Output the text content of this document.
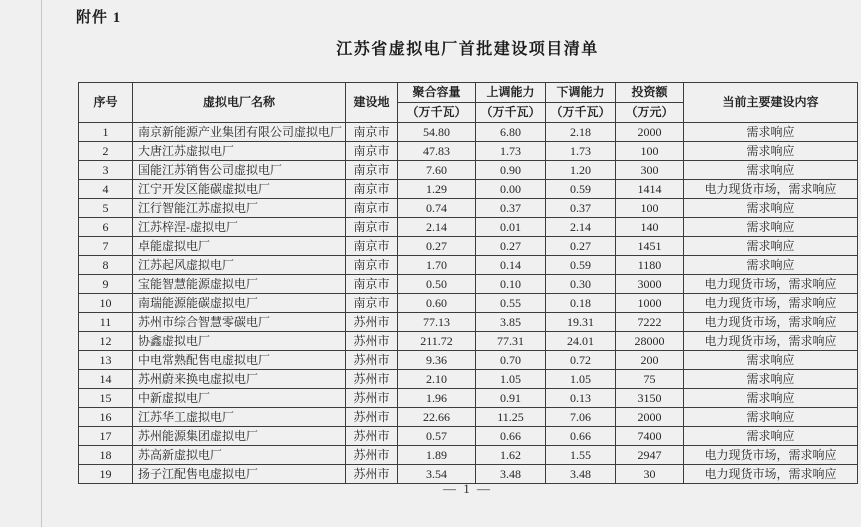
附件 1
江苏省虚拟电厂首批建设项目清单
序号	虚拟电厂名称	建设地	聚合容量	上调能力	下调能力	投资额	当前主要建设内容
			（万千瓦）	（万千瓦）	（万千瓦）	（万元）	
1	南京新能源产业集团有限公司虚拟电厂	南京市	54.80	6.80	2.18	2000	需求响应
2	大唐江苏虚拟电厂	南京市	47.83	1.73	1.73	100	需求响应
3	国能江苏销售公司虚拟电厂	南京市	7.60	0.90	1.20	300	需求响应
4	江宁开发区能碳虚拟电厂	南京市	1.29	0.00	0.59	1414	电力现货市场，需求响应
5	江行智能江苏虚拟电厂	南京市	0.74	0.37	0.37	100	需求响应
6	江苏梓涅-虚拟电厂	南京市	2.14	0.01	2.14	140	需求响应
7	卓能虚拟电厂	南京市	0.27	0.27	0.27	1451	需求响应
8	江苏起风虚拟电厂	南京市	1.70	0.14	0.59	1180	需求响应
9	宝能智慧能源虚拟电厂	南京市	0.50	0.10	0.30	3000	电力现货市场，需求响应
10	南瑞能源能碳虚拟电厂	南京市	0.60	0.55	0.18	1000	电力现货市场，需求响应
11	苏州市综合智慧零碳电厂	苏州市	77.13	3.85	19.31	7222	电力现货市场，需求响应
12	协鑫虚拟电厂	苏州市	211.72	77.31	24.01	28000	电力现货市场，需求响应
13	中电常熟配售电虚拟电厂	苏州市	9.36	0.70	0.72	200	需求响应
14	苏州蔚来换电虚拟电厂	苏州市	2.10	1.05	1.05	75	需求响应
15	中新虚拟电厂	苏州市	1.96	0.91	0.13	3150	需求响应
16	江苏华工虚拟电厂	苏州市	22.66	11.25	7.06	2000	需求响应
17	苏州能源集团虚拟电厂	苏州市	0.57	0.66	0.66	7400	需求响应
18	苏高新虚拟电厂	苏州市	1.89	1.62	1.55	2947	电力现货市场，需求响应
19	扬子江配售电虚拟电厂	苏州市	3.54	3.48	3.48	30	电力现货市场，需求响应
— 1 —
